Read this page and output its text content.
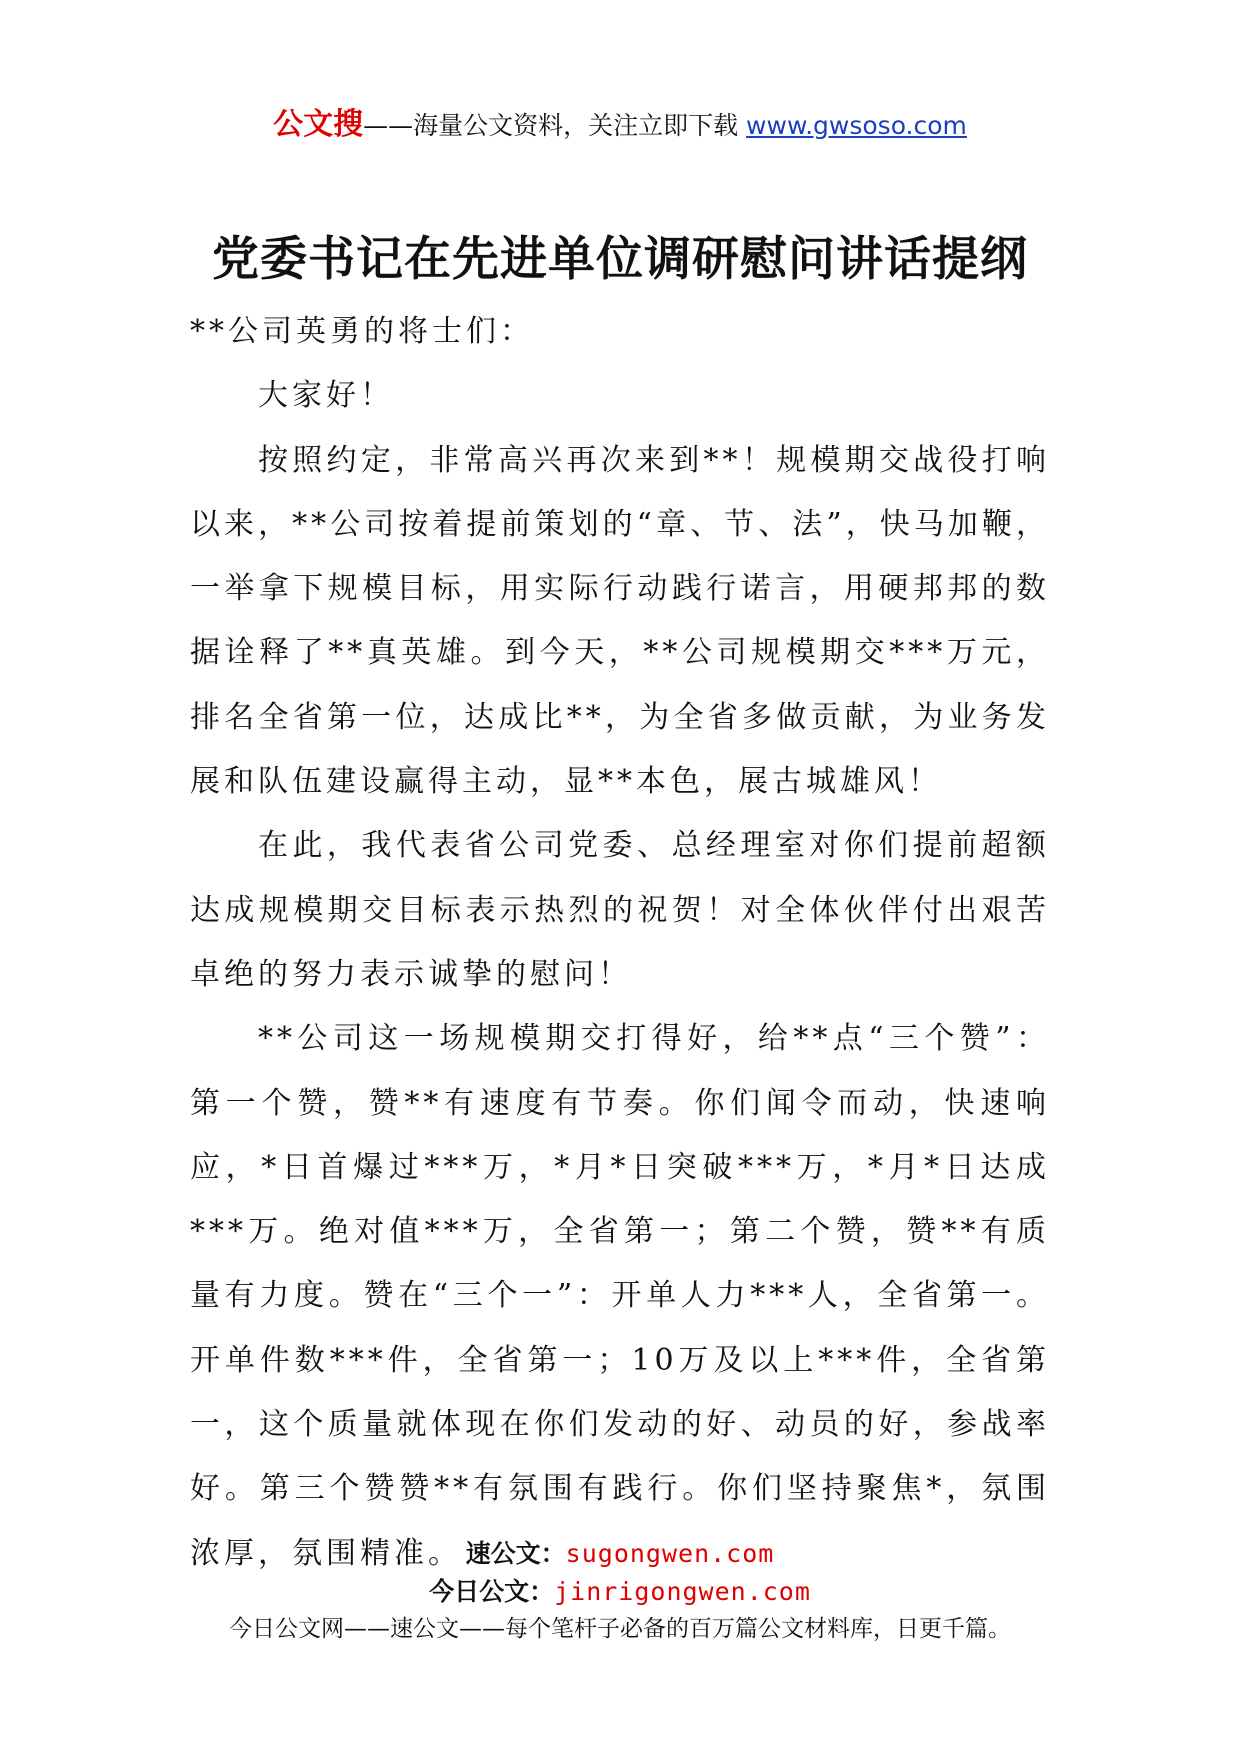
公文搜——海量公文资料，关注立即下载 www.gwsoso.com
党委书记在先进单位调研慰问讲话提纲

**公司英勇的将士们：

大家好！

按照约定，非常高兴再次来到**！规模期交战役打响以来，**公司按着提前策划的“章、节、法”，快马加鞭，一举拿下规模目标，用实际行动践行诺言，用硬邦邦的数据诠释了**真英雄。到今天，**公司规模期交***万元，排名全省第一位，达成比**，为全省多做贡献，为业务发展和队伍建设赢得主动，显**本色，展古城雄风！

在此，我代表省公司党委、总经理室对你们提前超额达成规模期交目标表示热烈的祝贺！对全体伙伴付出艰苦卓绝的努力表示诚挚的慰问！

**公司这一场规模期交打得好，给**点“三个赞”：第一个赞，赞**有速度有节奏。你们闻令而动，快速响应，*日首爆过***万，*月*日突破***万，*月*日达成***万。绝对值***万，全省第一；第二个赞，赞**有质量有力度。赞在“三个一”：开单人力***人，全省第一。开单件数***件，全省第一；10万及以上***件，全省第一，这个质量就体现在你们发动的好、动员的好，参战率好。第三个赞赞**有氛围有践行。你们坚持聚焦*，氛围浓厚，氛围精准。 速公文：sugongwen.com
今日公文：jinrigongwen.com
今日公文网——速公文——每个笔杆子必备的百万篇公文材料库，日更千篇。
